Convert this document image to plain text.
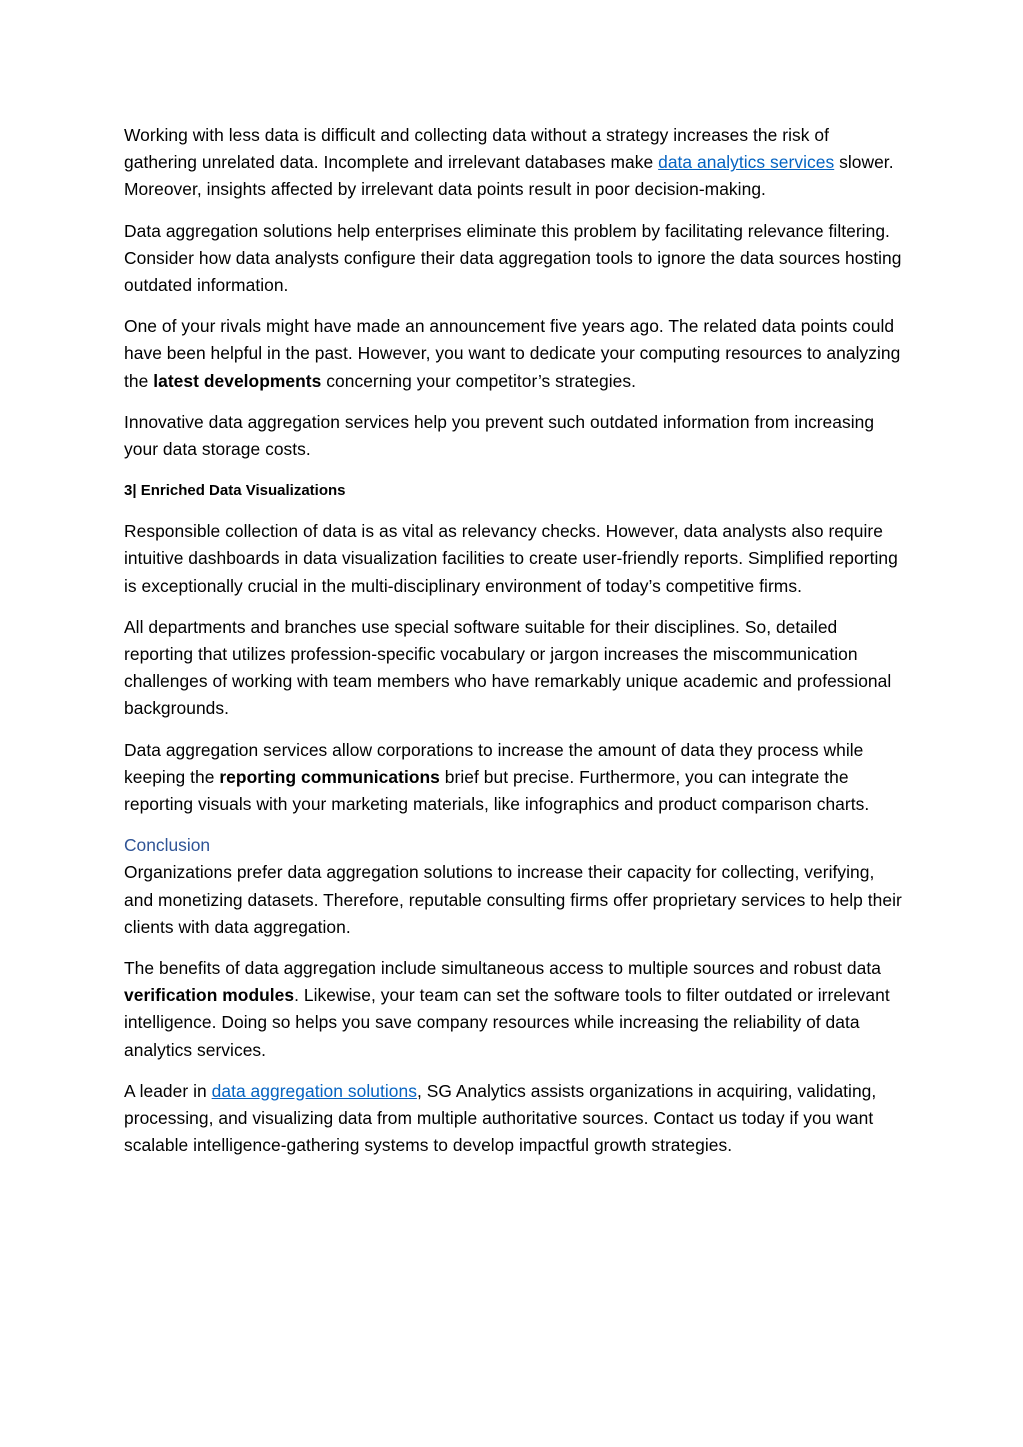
Working with less data is difficult and collecting data without a strategy increases the risk of gathering unrelated data. Incomplete and irrelevant databases make data analytics services slower. Moreover, insights affected by irrelevant data points result in poor decision-making.

Data aggregation solutions help enterprises eliminate this problem by facilitating relevance filtering. Consider how data analysts configure their data aggregation tools to ignore the data sources hosting outdated information.

One of your rivals might have made an announcement five years ago. The related data points could have been helpful in the past. However, you want to dedicate your computing resources to analyzing the latest developments concerning your competitor’s strategies.

Innovative data aggregation services help you prevent such outdated information from increasing your data storage costs.

3| Enriched Data Visualizations

Responsible collection of data is as vital as relevancy checks. However, data analysts also require intuitive dashboards in data visualization facilities to create user-friendly reports. Simplified reporting is exceptionally crucial in the multi-disciplinary environment of today’s competitive firms.

All departments and branches use special software suitable for their disciplines. So, detailed reporting that utilizes profession-specific vocabulary or jargon increases the miscommunication challenges of working with team members who have remarkably unique academic and professional backgrounds.

Data aggregation services allow corporations to increase the amount of data they process while keeping the reporting communications brief but precise. Furthermore, you can integrate the reporting visuals with your marketing materials, like infographics and product comparison charts.

Conclusion

Organizations prefer data aggregation solutions to increase their capacity for collecting, verifying, and monetizing datasets. Therefore, reputable consulting firms offer proprietary services to help their clients with data aggregation.

The benefits of data aggregation include simultaneous access to multiple sources and robust data verification modules. Likewise, your team can set the software tools to filter outdated or irrelevant intelligence. Doing so helps you save company resources while increasing the reliability of data analytics services.

A leader in data aggregation solutions, SG Analytics assists organizations in acquiring, validating, processing, and visualizing data from multiple authoritative sources. Contact us today if you want scalable intelligence-gathering systems to develop impactful growth strategies.
